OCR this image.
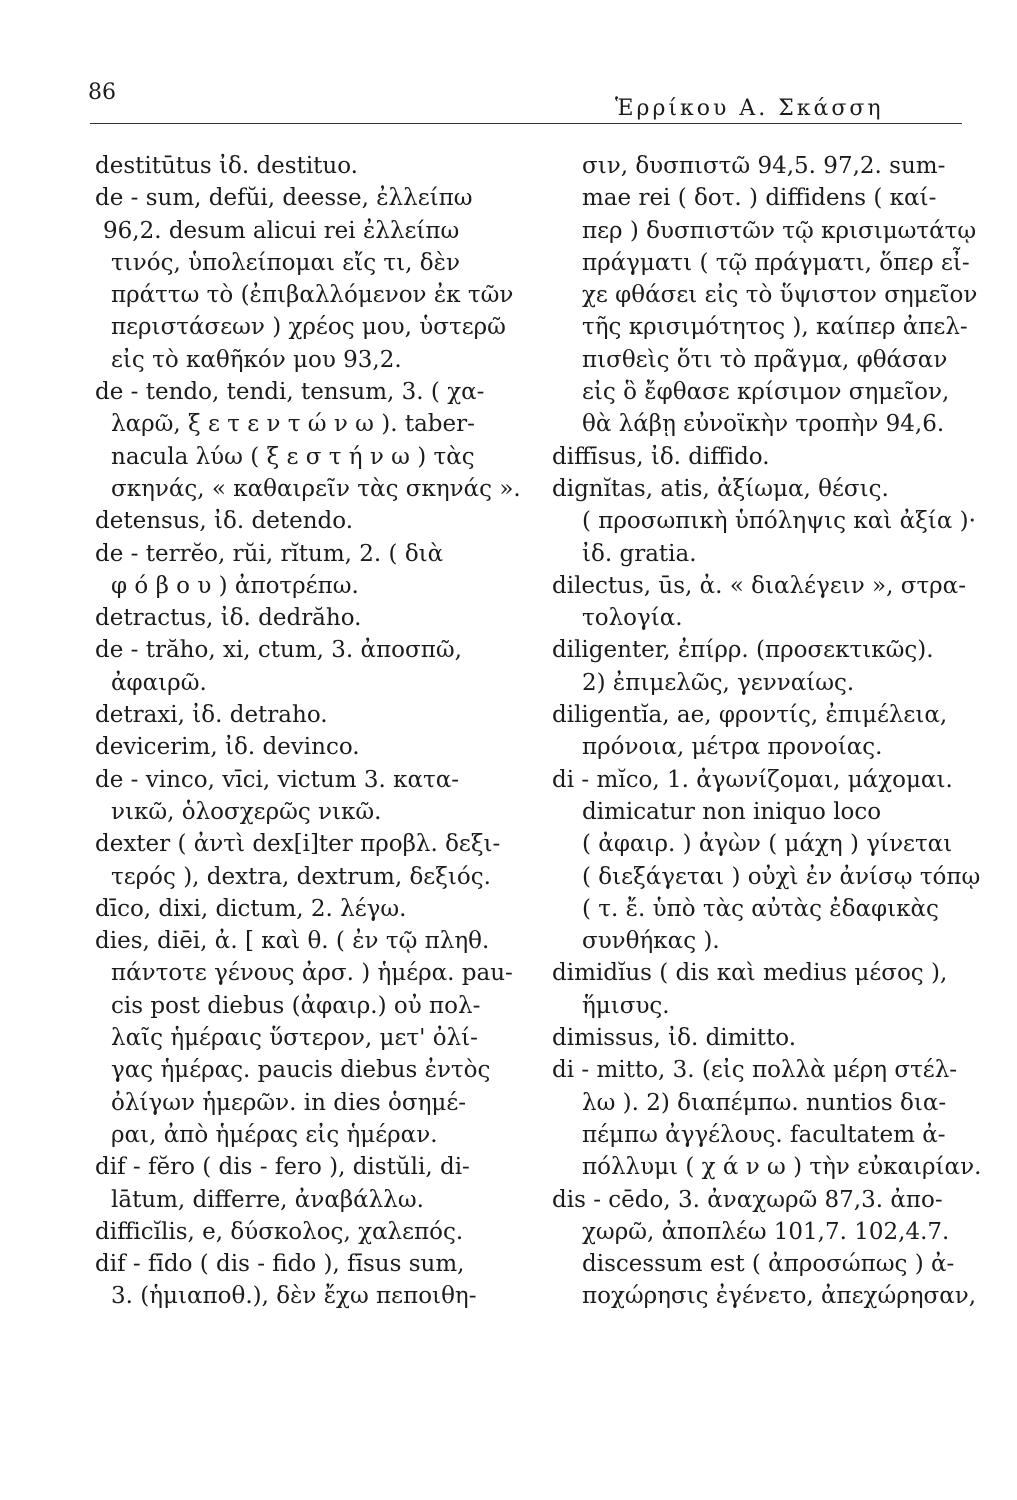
86
Ἑρρίκου Α. Σκάσση
destitūtus ἰδ. destituo.
de - sum, defŭi, deesse, ἐλλείπω
96,2. desum alicui rei ἐλλείπω
τινός, ὑπολείπομαι εἴς τι, δὲν
πράττω τὸ (ἐπιβαλλόμενον ἐκ τῶν
περιστάσεων ) χρέος μου, ὑστερῶ
εἰς τὸ καθῆκόν μου 93,2.
de - tendo, tendi, tensum, 3. ( χα-
λαρῶ, ξ ε τ ε ν τ ώ ν ω ). taber-
nacula λύω ( ξ ε σ τ ή ν ω ) τὰς
σκηνάς, « καθαιρεῖν τὰς σκηνάς ».
detensus, ἰδ. detendo.
de - terrĕo, rŭi, rĭtum, 2. ( διὰ
φ ό β ο υ ) ἀποτρέπω.
detractus, ἰδ. dedrăho.
de - trăho, xi, ctum, 3. ἀποσπῶ,
ἀφαιρῶ.
detraxi, ἰδ. detraho.
devicerim, ἰδ. devinco.
de - vinco, vīci, victum 3. κατα-
νικῶ, ὁλοσχερῶς νικῶ.
dexter ( ἀντὶ dex[i]ter προβλ. δεξι-
τερός ), dextra, dextrum, δεξιός.
dīco, dixi, dictum, 2. λέγω.
dies, diēi, ἀ. [ καὶ θ. ( ἐν τῷ πληθ.
πάντοτε γένους ἀρσ. ) ἡμέρα. pau-
cis post diebus (ἀφαιρ.) οὐ πολ-
λαῖς ἡμέραις ὕστερον, μετ' ὀλί-
γας ἡμέρας. paucis diebus ἐντὸς
ὀλίγων ἡμερῶν. in dies ὁσημέ-
ραι, ἀπὸ ἡμέρας εἰς ἡμέραν.
dif - fĕro ( dis - fero ), distŭli, di-
lātum, differre, ἀναβάλλω.
difficĭlis, e, δύσκολος, χαλεπός.
dif - fīdo ( dis - fido ), fīsus sum,
3. (ἡμιαποθ.), δὲν ἔχω πεποιθη-
σιν, δυσπιστῶ 94,5. 97,2. sum-
mae rei ( δοτ. ) diffidens ( καί-
περ ) δυσπιστῶν τῷ κρισιμωτάτῳ
πράγματι ( τῷ πράγματι, ὅπερ εἶ-
χε φθάσει εἰς τὸ ὕψιστον σημεῖον
τῆς κρισιμότητος ), καίπερ ἀπελ-
πισθεὶς ὅτι τὸ πρᾶγμα, φθάσαν
εἰς ὃ ἔφθασε κρίσιμον σημεῖον,
θὰ λάβῃ εὐνοϊκὴν τροπὴν 94,6.
diffīsus, ἰδ. diffido.
dignĭtas, atis, ἀξίωμα, θέσις.
( προσωπικὴ ὑπόληψις καὶ ἀξία )·
ἰδ. gratia.
dilectus, ūs, ἀ. « διαλέγειν », στρα-
τολογία.
diligenter, ἐπίρρ. (προσεκτικῶς).
2) ἐπιμελῶς, γενναίως.
diligentĭa, ae, φροντίς, ἐπιμέλεια,
πρόνοια, μέτρα προνοίας.
di - mĭco, 1. ἀγωνίζομαι, μάχομαι.
dimicatur non iniquo loco
( ἀφαιρ. ) ἀγὼν ( μάχη ) γίνεται
( διεξάγεται ) οὐχὶ ἐν ἀνίσῳ τόπῳ
( τ. ἔ. ὑπὸ τὰς αὐτὰς ἐδαφικὰς
συνθήκας ).
dimidĭus ( dis καὶ medius μέσος ),
ἥμισυς.
dimissus, ἰδ. dimitto.
di - mitto, 3. (εἰς πολλὰ μέρη στέλ-
λω ). 2) διαπέμπω. nuntios δια-
πέμπω ἀγγέλους. facultatem ἀ-
πόλλυμι ( χ ά ν ω ) τὴν εὐκαιρίαν.
dis - cēdo, 3. ἀναχωρῶ 87,3. ἀπο-
χωρῶ, ἀποπλέω 101,7. 102,4.7.
discessum est ( ἀπροσώπως ) ἀ-
ποχώρησις ἐγένετο, ἀπεχώρησαν,
